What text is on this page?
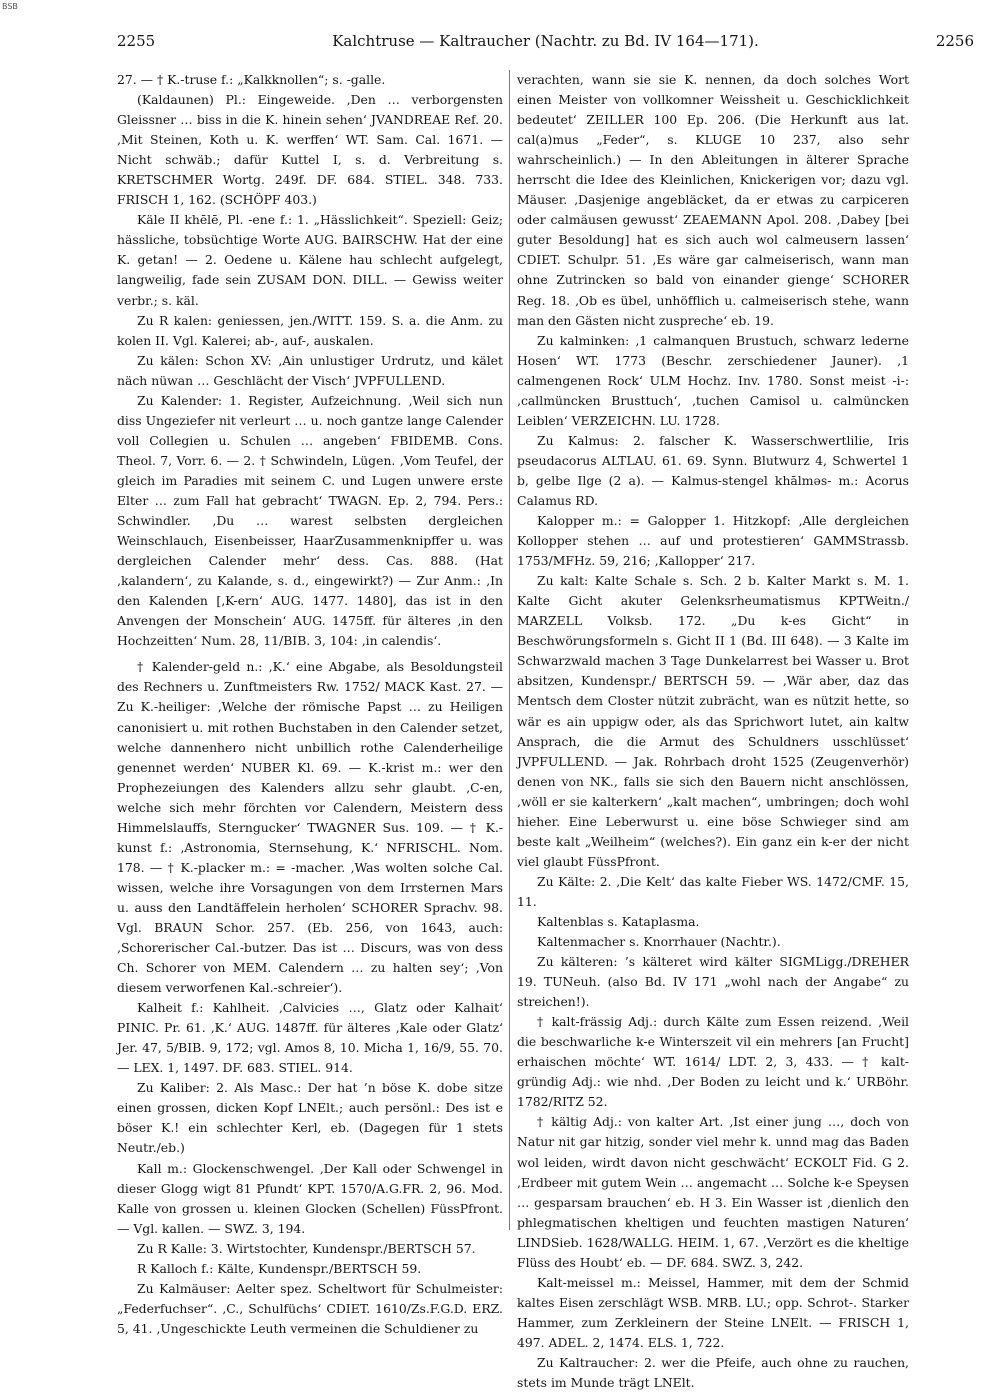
BSB
2255	Kalchtruse — Kaltraucher (Nachtr. zu Bd. IV 164—171).	2256

27. — † K.-truse f.: „Kalkknollen“; s. -galle.

(Kaldaunen) Pl.: Eingeweide. ‚Den … verborgensten Gleissner … biss in die K. hinein sehen‘ JVANDREAE Ref. 20. ‚Mit Steinen, Koth u. K. werffen‘ WT. Sam. Cal. 1671. — Nicht schwäb.; dafür Kuttel I, s. d. Verbreitung s. KRETSCHMER Wortg. 249f. DF. 684. STIEL. 348. 733. FRISCH 1, 162. (SCHÖPF 403.)

Käle II khēlē, Pl. -ene f.: 1. „Hässlichkeit“. Speziell: Geiz; hässliche, tobsüchtige Worte AUG. BAIRSCHW. Hat der eine K. getan! — 2. Oedene u. Kälene hau schlecht aufgelegt, langweilig, fade sein ZUSAM DON. DILL. — Gewiss weiter verbr.; s. käl.

Zu R kalen: geniessen, jen./WITT. 159. S. a. die Anm. zu kolen II. Vgl. Kalerei; ab-, auf-, auskalen.

Zu kälen: Schon XV: ‚Ain unlustiger Urdrutz, und kälet näch nüwan … Geschlächt der Visch‘ JVPFULLEND.

Zu Kalender: 1. Register, Aufzeichnung. ‚Weil sich nun diss Ungeziefer nit verleurt … u. noch gantze lange Calender voll Collegien u. Schulen … angeben‘ FBIDEMB. Cons. Theol. 7, Vorr. 6. — 2. † Schwindeln, Lügen. ‚Vom Teufel, der gleich im Paradies mit seinem C. und Lugen unwere erste Elter … zum Fall hat gebracht‘ TWAGN. Ep. 2, 794. Pers.: Schwindler. ‚Du … warest selbsten dergleichen Weinschlauch, Eisenbeisser, HaarZusammenknipffer u. was dergleichen Calender mehr‘ dess. Cas. 888. (Hat ‚kalandern‘, zu Kalande, s. d., eingewirkt?) — Zur Anm.: ‚In den Kalenden [‚K-ern‘ AUG. 1477. 1480], das ist in den Anvengen der Monschein‘ AUG. 1475ff. für älteres ‚in den Hochzeitten‘ Num. 28, 11/BIB. 3, 104: ‚in calendis‘.

† Kalender-geld n.: ‚K.‘ eine Abgabe, als Besoldungsteil des Rechners u. Zunftmeisters Rw. 1752/ MACK Kast. 27. — Zu K.-heiliger: ‚Welche der römische Papst … zu Heiligen canonisiert u. mit rothen Buchstaben in den Calender setzet, welche dannenhero nicht unbillich rothe Calenderheilige genennet werden‘ NUBER Kl. 69. — K.-krist m.: wer den Prophezeiungen des Kalenders allzu sehr glaubt. ‚C-en, welche sich mehr förchten vor Calendern, Meistern dess Himmelslauffs, Sterngucker‘ TWAGNER Sus. 109. — † K.-kunst f.: ‚Astronomia, Sternsehung, K.‘ NFRISCHL. Nom. 178. — † K.-placker m.: = -macher. ‚Was wolten solche Cal. wissen, welche ihre Vorsagungen von dem Irrsternen Mars u. auss den Landtäffelein herholen‘ SCHORER Sprachv. 98. Vgl. BRAUN Schor. 257. (Eb. 256, von 1643, auch: ‚Schorerischer Cal.-butzer. Das ist … Discurs, was von dess Ch. Schorer von MEM. Calendern … zu halten sey‘; ‚Von diesem verworfenen Kal.-schreier‘).

Kalheit f.: Kahlheit. ‚Calvicies …, Glatz oder Kalhait‘ PINIC. Pr. 61. ‚K.‘ AUG. 1487ff. für älteres ‚Kale oder Glatz‘ Jer. 47, 5/BIB. 9, 172; vgl. Amos 8, 10. Micha 1, 16/9, 55. 70. — LEX. 1, 1497. DF. 683. STIEL. 914.

Zu Kaliber: 2. Als Masc.: Der hat ’n böse K. dobe sitze einen grossen, dicken Kopf LNElt.; auch persönl.: Des ist e böser K.! ein schlechter Kerl, eb. (Dagegen für 1 stets Neutr./eb.)

Kall m.: Glockenschwengel. ‚Der Kall oder Schwengel in dieser Glogg wigt 81 Pfundt‘ KPT. 1570/A.G.FR. 2, 96. Mod. Kalle von grossen u. kleinen Glocken (Schellen) FüssPfront. — Vgl. kallen. — SWZ. 3, 194.

Zu R Kalle: 3. Wirtstochter, Kundenspr./BERTSCH 57.

R Kalloch f.: Kälte, Kundenspr./BERTSCH 59.

Zu Kalmäuser: Aelter spez. Scheltwort für Schulmeister: „Federfuchser“. ‚C., Schulfüchs‘ CDIET. 1610/Zs.F.G.D. ERZ. 5, 41. ‚Ungeschickte Leuth vermeinen die Schuldiener zu

verachten, wann sie sie K. nennen, da doch solches Wort einen Meister von vollkomner Weissheit u. Geschicklichkeit bedeutet‘ ZEILLER 100 Ep. 206. (Die Herkunft aus lat. cal(a)mus „Feder“, s. KLUGE 10 237, also sehr wahrscheinlich.) — In den Ableitungen in älterer Sprache herrscht die Idee des Kleinlichen, Knickerigen vor; dazu vgl. Mäuser. ‚Dasjenige angebläcket, da er etwas zu carpiceren oder calmäusen gewusst‘ ZEAEMANN Apol. 208. ‚Dabey [bei guter Besoldung] hat es sich auch wol calmeusern lassen‘ CDIET. Schulpr. 51. ‚Es wäre gar calmeiserisch, wann man ohne Zutrincken so bald von einander gienge‘ SCHORER Reg. 18. ‚Ob es übel, unhöfflich u. calmeiserisch stehe, wann man den Gästen nicht zuspreche‘ eb. 19.

Zu kalminken: ‚1 calmanquen Brustuch, schwarz lederne Hosen‘ WT. 1773 (Beschr. zerschiedener Jauner). ‚1 calmengenen Rock‘ ULM Hochz. Inv. 1780. Sonst meist -i-: ‚callmüncken Brusttuch‘, ‚tuchen Camisol u. calmüncken Leiblen‘ VERZEICHN. LU. 1728.

Zu Kalmus: 2. falscher K. Wasserschwertlilie, Iris pseudacorus ALTLAU. 61. 69. Synn. Blutwurz 4, Schwertel 1 b, gelbe Ilge (2 a). — Kalmus-stengel khālməs- m.: Acorus Calamus RD.

Kalopper m.: = Galopper 1. Hitzkopf: ‚Alle dergleichen Kollopper stehen … auf und protestieren‘ GAMMStrassb. 1753/MFHz. 59, 216; ‚Kallopper‘ 217.

Zu kalt: Kalte Schale s. Sch. 2 b. Kalter Markt s. M. 1. Kalte Gicht akuter Gelenksrheumatismus KPTWeitn./ MARZELL Volksb. 172. „Du k-es Gicht“ in Beschwörungsformeln s. Gicht II 1 (Bd. III 648). — 3 Kalte im Schwarzwald machen 3 Tage Dunkelarrest bei Wasser u. Brot absitzen, Kundenspr./ BERTSCH 59. — ‚Wär aber, daz das Mentsch dem Closter nützit zubrächt, wan es nützit hette, so wär es ain uppigw oder, als das Sprichwort lutet, ain kaltw Ansprach, die die Armut des Schuldners usschlüsset‘ JVPFULLEND. — Jak. Rohrbach droht 1525 (Zeugenverhör) denen von NK., falls sie sich den Bauern nicht anschlössen, ‚wöll er sie kalterkern‘ „kalt machen“, umbringen; doch wohl hieher. Eine Leberwurst u. eine böse Schwieger sind am beste kalt „Weilheim“ (welches?). Ein ganz ein k-er der nicht viel glaubt FüssPfront.

Zu Kälte: 2. ‚Die Kelt‘ das kalte Fieber WS. 1472/CMF. 15, 11.

Kaltenblas s. Kataplasma.

Kaltenmacher s. Knorrhauer (Nachtr.).

Zu kälteren: ’s kälteret wird kälter SIGMLigg./DREHER 19. TUNeuh. (also Bd. IV 171 „wohl nach der Angabe“ zu streichen!).

† kalt-frässig Adj.: durch Kälte zum Essen reizend. ‚Weil die beschwarliche k-e Winterszeit vil ein mehrers [an Frucht] erhaischen möchte‘ WT. 1614/ LDT. 2, 3, 433. — † kalt-gründig Adj.: wie nhd. ‚Der Boden zu leicht und k.‘ URBöhr. 1782/RITZ 52.

† kältig Adj.: von kalter Art. ‚Ist einer jung …, doch von Natur nit gar hitzig, sonder viel mehr k. unnd mag das Baden wol leiden, wirdt davon nicht geschwächt‘ ECKOLT Fid. G 2. ‚Erdbeer mit gutem Wein … angemacht … Solche k-e Speysen … gesparsam brauchen‘ eb. H 3. Ein Wasser ist ‚dienlich den phlegmatischen kheltigen und feuchten mastigen Naturen‘ LINDSieb. 1628/WALLG. HEIM. 1, 67. ‚Verzört es die kheltige Flüss des Houbt‘ eb. — DF. 684. SWZ. 3, 242.

Kalt-meissel m.: Meissel, Hammer, mit dem der Schmid kaltes Eisen zerschlägt WSB. MRB. LU.; opp. Schrot-. Starker Hammer, zum Zerkleinern der Steine LNElt. — FRISCH 1, 497. ADEL. 2, 1474. ELS. 1, 722.

Zu Kaltraucher: 2. wer die Pfeife, auch ohne zu rauchen, stets im Munde trägt LNElt.
